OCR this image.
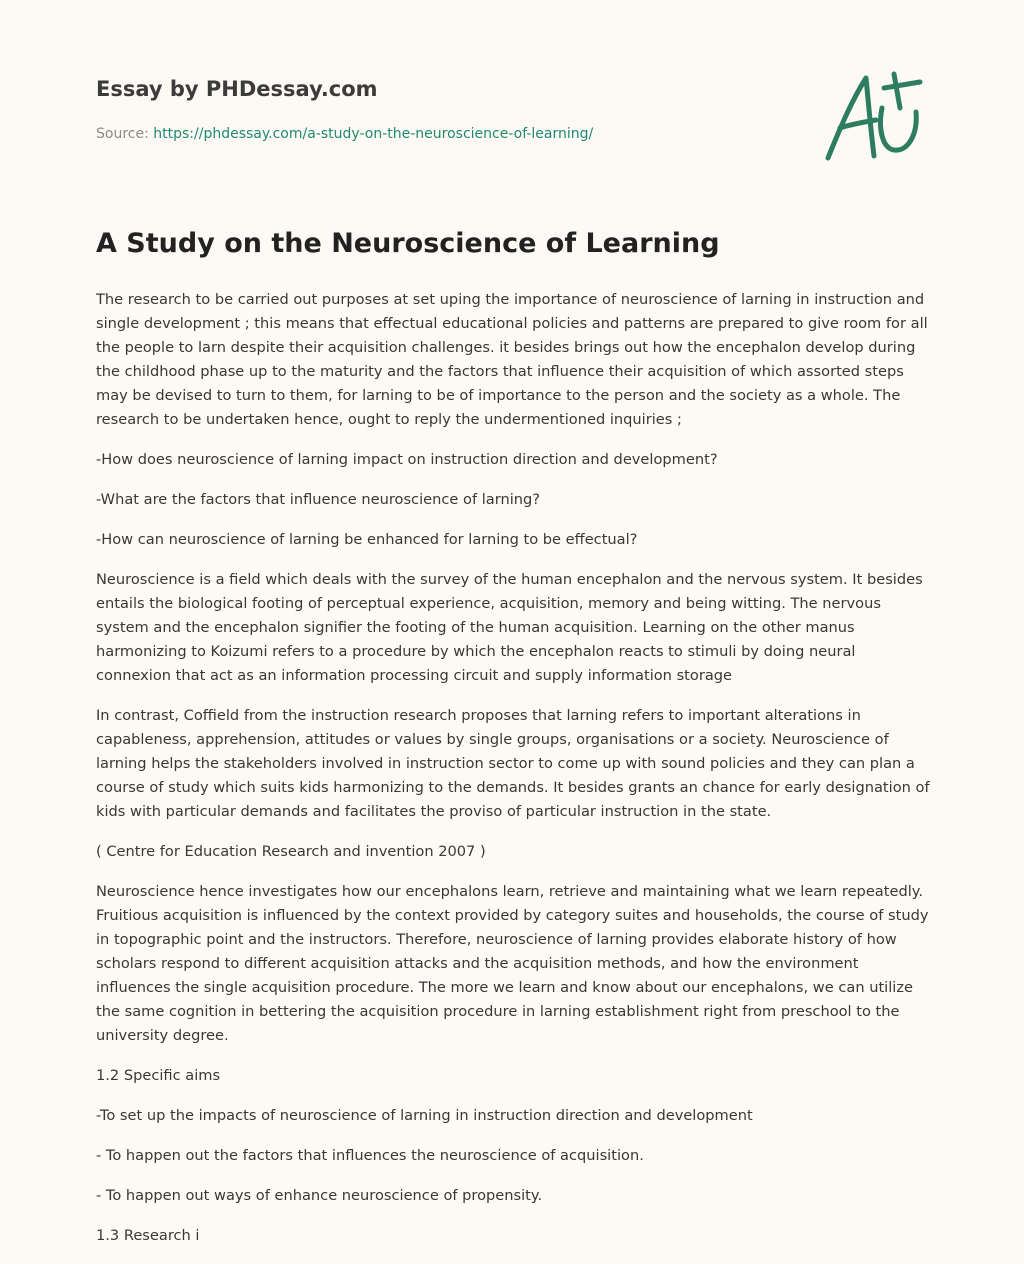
Essay by PHDessay.com
Source: https://phdessay.com/a-study-on-the-neuroscience-of-learning/
A Study on the Neuroscience of Learning

The research to be carried out purposes at set uping the importance of neuroscience of larning in instruction and single development ; this means that effectual educational policies and patterns are prepared to give room for all the people to larn despite their acquisition challenges. it besides brings out how the encephalon develop during the childhood phase up to the maturity and the factors that influence their acquisition of which assorted steps may be devised to turn to them, for larning to be of importance to the person and the society as a whole. The research to be undertaken hence, ought to reply the undermentioned inquiries ;

-How does neuroscience of larning impact on instruction direction and development?

-What are the factors that influence neuroscience of larning?

-How can neuroscience of larning be enhanced for larning to be effectual?

Neuroscience is a field which deals with the survey of the human encephalon and the nervous system. It besides entails the biological footing of perceptual experience, acquisition, memory and being witting. The nervous system and the encephalon signifier the footing of the human acquisition. Learning on the other manus harmonizing to Koizumi refers to a procedure by which the encephalon reacts to stimuli by doing neural connexion that act as an information processing circuit and supply information storage

In contrast, Coffield from the instruction research proposes that larning refers to important alterations in capableness, apprehension, attitudes or values by single groups, organisations or a society. Neuroscience of larning helps the stakeholders involved in instruction sector to come up with sound policies and they can plan a course of study which suits kids harmonizing to the demands. It besides grants an chance for early designation of kids with particular demands and facilitates the proviso of particular instruction in the state.

( Centre for Education Research and invention 2007 )

Neuroscience hence investigates how our encephalons learn, retrieve and maintaining what we learn repeatedly. Fruitious acquisition is influenced by the context provided by category suites and households, the course of study in topographic point and the instructors. Therefore, neuroscience of larning provides elaborate history of how scholars respond to different acquisition attacks and the acquisition methods, and how the environment influences the single acquisition procedure. The more we learn and know about our encephalons, we can utilize the same cognition in bettering the acquisition procedure in larning establishment right from preschool to the university degree.

1.2 Specific aims

-To set up the impacts of neuroscience of larning in instruction direction and development

- To happen out the factors that influences the neuroscience of acquisition.

- To happen out ways of enhance neuroscience of propensity.

1.3 Research i
